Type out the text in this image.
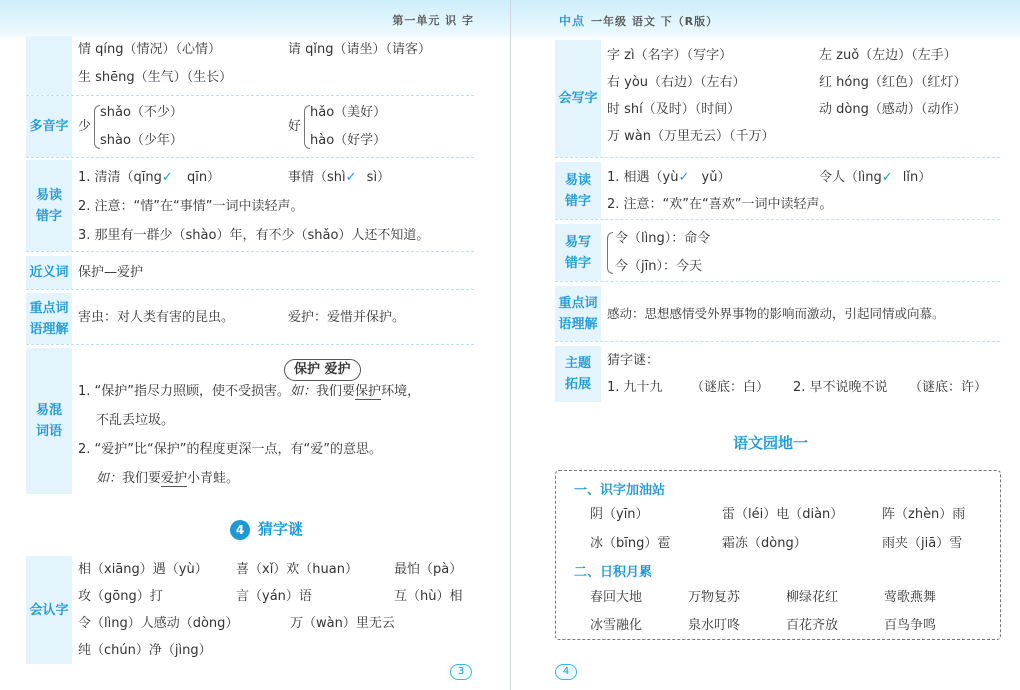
第一单元 识 字
情 qíng（情况）（心情）	请 qǐng（请坐）（请客）
生 shēng（生气）（生长）
多音字 少
shǎo（不少）
shào（少年）
好
hǎo（美好）
hào（好学）
易读错字
1. 清清（qīng✓ qīn）	事情（shì✓ sì）
2. 注意：“情”在“事情”一词中读轻声。
3. 那里有一群少（shào）年，有不少（shǎo）人还不知道。
近义词 保护—爱护
重点词语理解
害虫：对人类有害的昆虫。	爱护：爱惜并保护。
易混词语
保护 爱护
1. “保护”指尽力照顾，使不受损害。如：我们要保护环境，
不乱丢垃圾。
2. “爱护”比“保护”的程度更深一点，有“爱”的意思。
如：我们要爱护小青蛙。
4 猜字谜
会认字
相（xiāng）遇（yù） 喜（xǐ）欢（huan）	最怕（pà）
攻（gōng）打	言（yán）语	互（hù）相
令（lìng）人感动（dòng）	万（wàn）里无云
纯（chún）净（jìng）
3
中点 一年级 语文 下（R版）
会写字
字 zì（名字）（写字）	左 zuǒ（左边）（左手）
右 yòu（右边）（左右）	红 hóng（红色）（红灯）
时 shí（及时）（时间）	动 dòng（感动）（动作）
万 wàn（万里无云）（千万）
易读错字
1. 相遇（yù✓ yǔ）	令人（lìng✓ lǐn）
2. 注意：“欢”在“喜欢”一词中读轻声。
易写错字
令（lìng）：命令
今（jīn）：今天
重点词语理解
感动：思想感情受外界事物的影响而激动，引起同情或向慕。
主题拓展
猜字谜：
1. 九十九 （谜底：白） 2. 早不说晚不说 （谜底：许）
语文园地一
一、识字加油站
阴（yīn）	雷（léi）电（diàn）	阵（zhèn）雨
冰（bīng）雹	霜冻（dòng）	雨夹（jiā）雪
二、日积月累
春回大地	万物复苏	柳绿花红	莺歌燕舞
冰雪融化	泉水叮咚	百花齐放	百鸟争鸣
4
